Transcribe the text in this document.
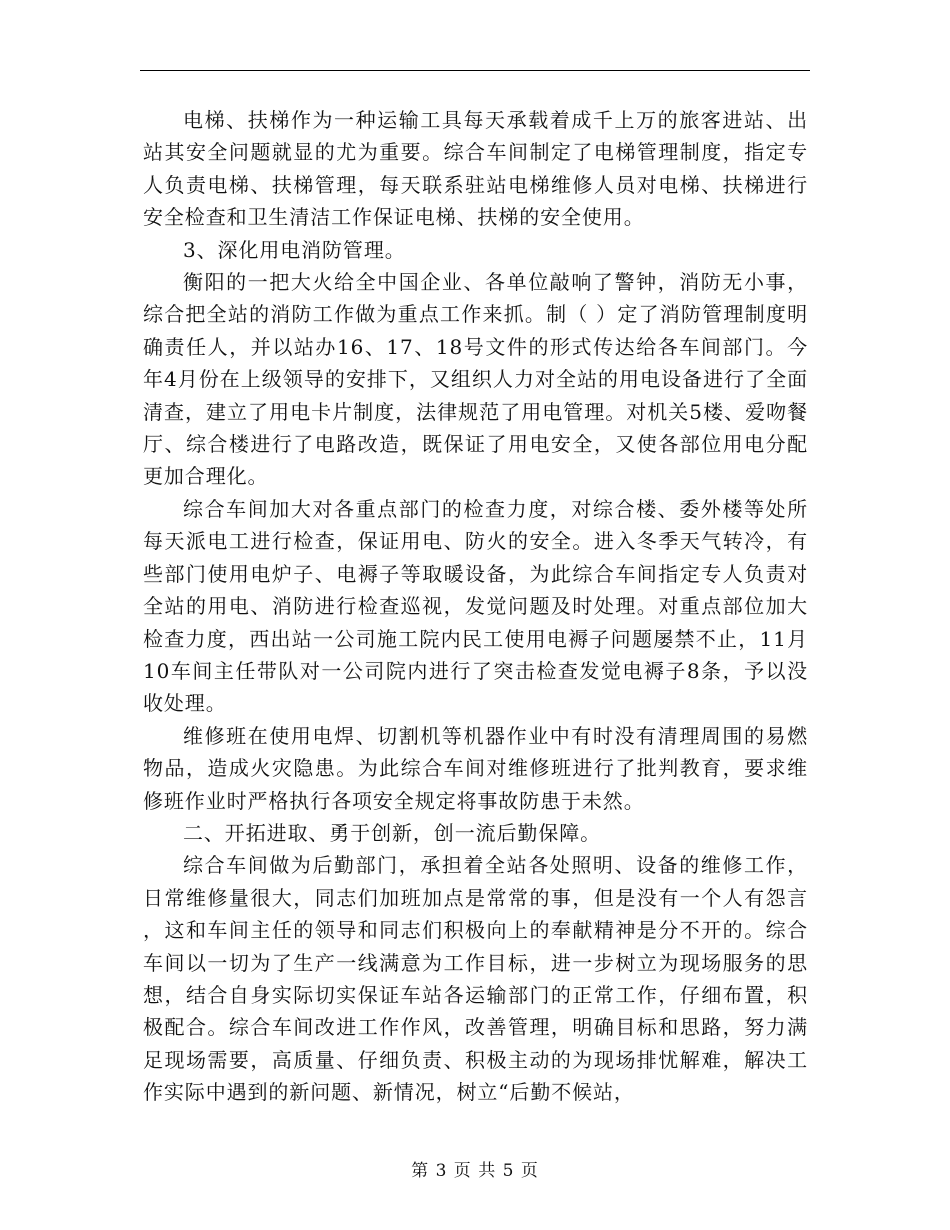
电梯、扶梯作为一种运输工具每天承载着成千上万的旅客进站、出站其安全问题就显的尤为重要。综合车间制定了电梯管理制度，指定专人负责电梯、扶梯管理，每天联系驻站电梯维修人员对电梯、扶梯进行安全检查和卫生清洁工作保证电梯、扶梯的安全使用。

3、深化用电消防管理。

衡阳的一把大火给全中国企业、各单位敲响了警钟，消防无小事，综合把全站的消防工作做为重点工作来抓。制（ ）定了消防管理制度明确责任人，并以站办16、17、18号文件的形式传达给各车间部门。今年4月份在上级领导的安排下，又组织人力对全站的用电设备进行了全面清查，建立了用电卡片制度，法律规范了用电管理。对机关5楼、爱吻餐厅、综合楼进行了电路改造，既保证了用电安全，又使各部位用电分配更加合理化。

综合车间加大对各重点部门的检查力度，对综合楼、委外楼等处所每天派电工进行检查，保证用电、防火的安全。进入冬季天气转冷，有些部门使用电炉子、电褥子等取暖设备，为此综合车间指定专人负责对全站的用电、消防进行检查巡视，发觉问题及时处理。对重点部位加大检查力度，西出站一公司施工院内民工使用电褥子问题屡禁不止，11月10车间主任带队对一公司院内进行了突击检查发觉电褥子8条，予以没收处理。

维修班在使用电焊、切割机等机器作业中有时没有清理周围的易燃物品，造成火灾隐患。为此综合车间对维修班进行了批判教育，要求维修班作业时严格执行各项安全规定将事故防患于未然。

二、开拓进取、勇于创新，创一流后勤保障。

综合车间做为后勤部门，承担着全站各处照明、设备的维修工作，日常维修量很大，同志们加班加点是常常的事，但是没有一个人有怨言，这和车间主任的领导和同志们积极向上的奉献精神是分不开的。综合车间以一切为了生产一线满意为工作目标，进一步树立为现场服务的思想，结合自身实际切实保证车站各运输部门的正常工作，仔细布置，积极配合。综合车间改进工作作风，改善管理，明确目标和思路，努力满足现场需要，高质量、仔细负责、积极主动的为现场排忧解难，解决工作实际中遇到的新问题、新情况，树立“后勤不候站，

第 3 页 共 5 页
